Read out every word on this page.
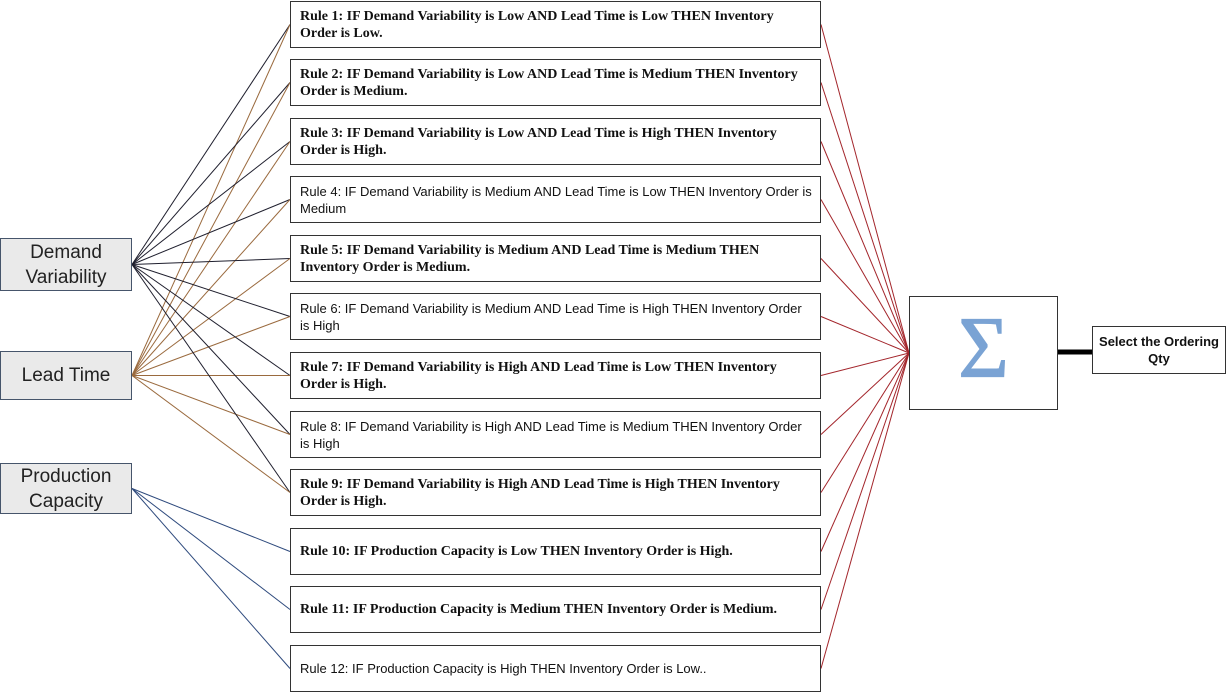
Demand Variability
Lead Time
Production Capacity
Rule 1: IF Demand Variability is Low AND Lead Time is Low THEN Inventory Order is Low.
Rule 2: IF Demand Variability is Low AND Lead Time is Medium THEN Inventory Order is Medium.
Rule 3: IF Demand Variability is Low AND Lead Time is High THEN Inventory Order is High.
Rule 4: IF Demand Variability is Medium AND Lead Time is Low THEN Inventory Order is Medium
Rule 5: IF Demand Variability is Medium AND Lead Time is Medium THEN Inventory Order is Medium.
Rule 6: IF Demand Variability is Medium AND Lead Time is High THEN Inventory Order is High
Rule 7: IF Demand Variability is High AND Lead Time is Low THEN Inventory Order is High.
Rule 8: IF Demand Variability is High AND Lead Time is Medium THEN Inventory Order is High
Rule 9: IF Demand Variability is High AND Lead Time is High THEN Inventory Order is High.
Rule 10: IF Production Capacity is Low THEN Inventory Order is High.
Rule 11: IF Production Capacity is Medium THEN Inventory Order is Medium.
Rule 12: IF Production Capacity is High THEN Inventory Order is Low..
Σ	Select the Ordering Qty
